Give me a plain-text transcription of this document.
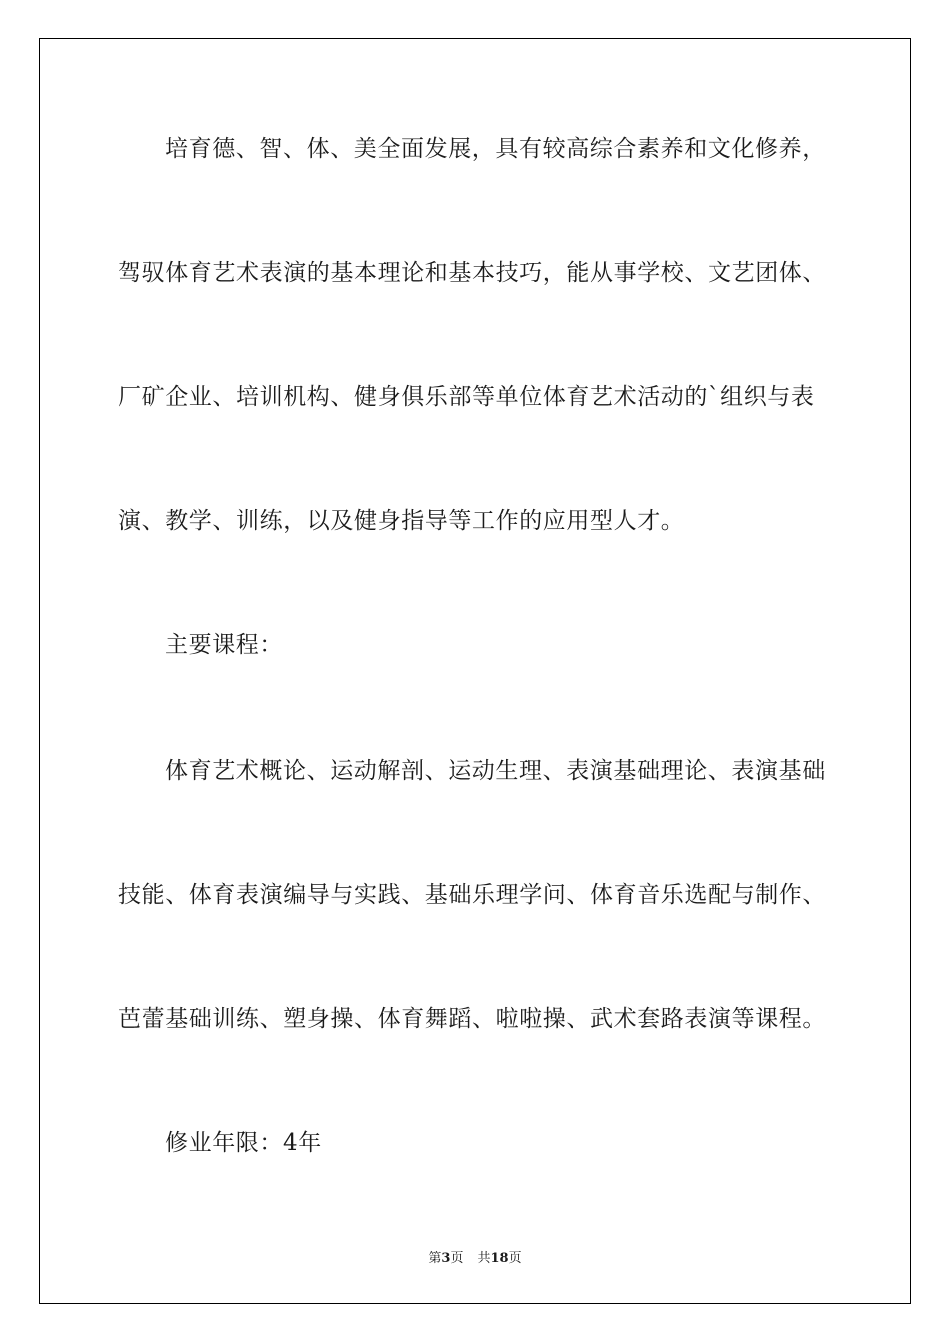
培育德、智、体、美全面发展，具有较高综合素养和文化修养，
驾驭体育艺术表演的基本理论和基本技巧，能从事学校、文艺团体、
厂矿企业、培训机构、健身俱乐部等单位体育艺术活动的`组织与表
演、教学、训练，以及健身指导等工作的应用型人才。
主要课程：
体育艺术概论、运动解剖、运动生理、表演基础理论、表演基础
技能、体育表演编导与实践、基础乐理学问、体育音乐选配与制作、
芭蕾基础训练、塑身操、体育舞蹈、啦啦操、武术套路表演等课程。
修业年限：4年
第3页 共18页
